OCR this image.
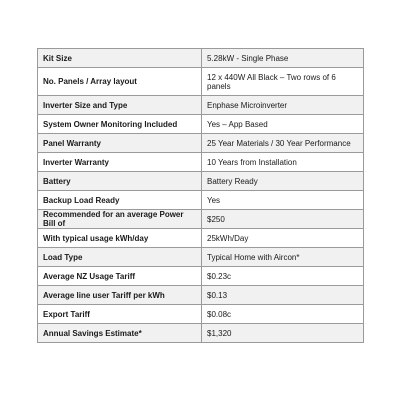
Kit Size	5.28kW - Single Phase
No. Panels / Array layout	12 x 440W All Black – Two rows of 6 panels
Inverter Size and Type	Enphase Microinverter
System Owner Monitoring Included	Yes – App Based
Panel Warranty	25 Year Materials / 30 Year Performance
Inverter Warranty	10 Years from Installation
Battery	Battery Ready
Backup Load Ready	Yes
Recommended for an average Power Bill of	$250
With typical usage kWh/day	25kWh/Day
Load Type	Typical Home with Aircon*
Average NZ Usage Tariff	$0.23c
Average line user Tariff per kWh	$0.13
Export Tariff	$0.08c
Annual Savings Estimate*	$1,320
